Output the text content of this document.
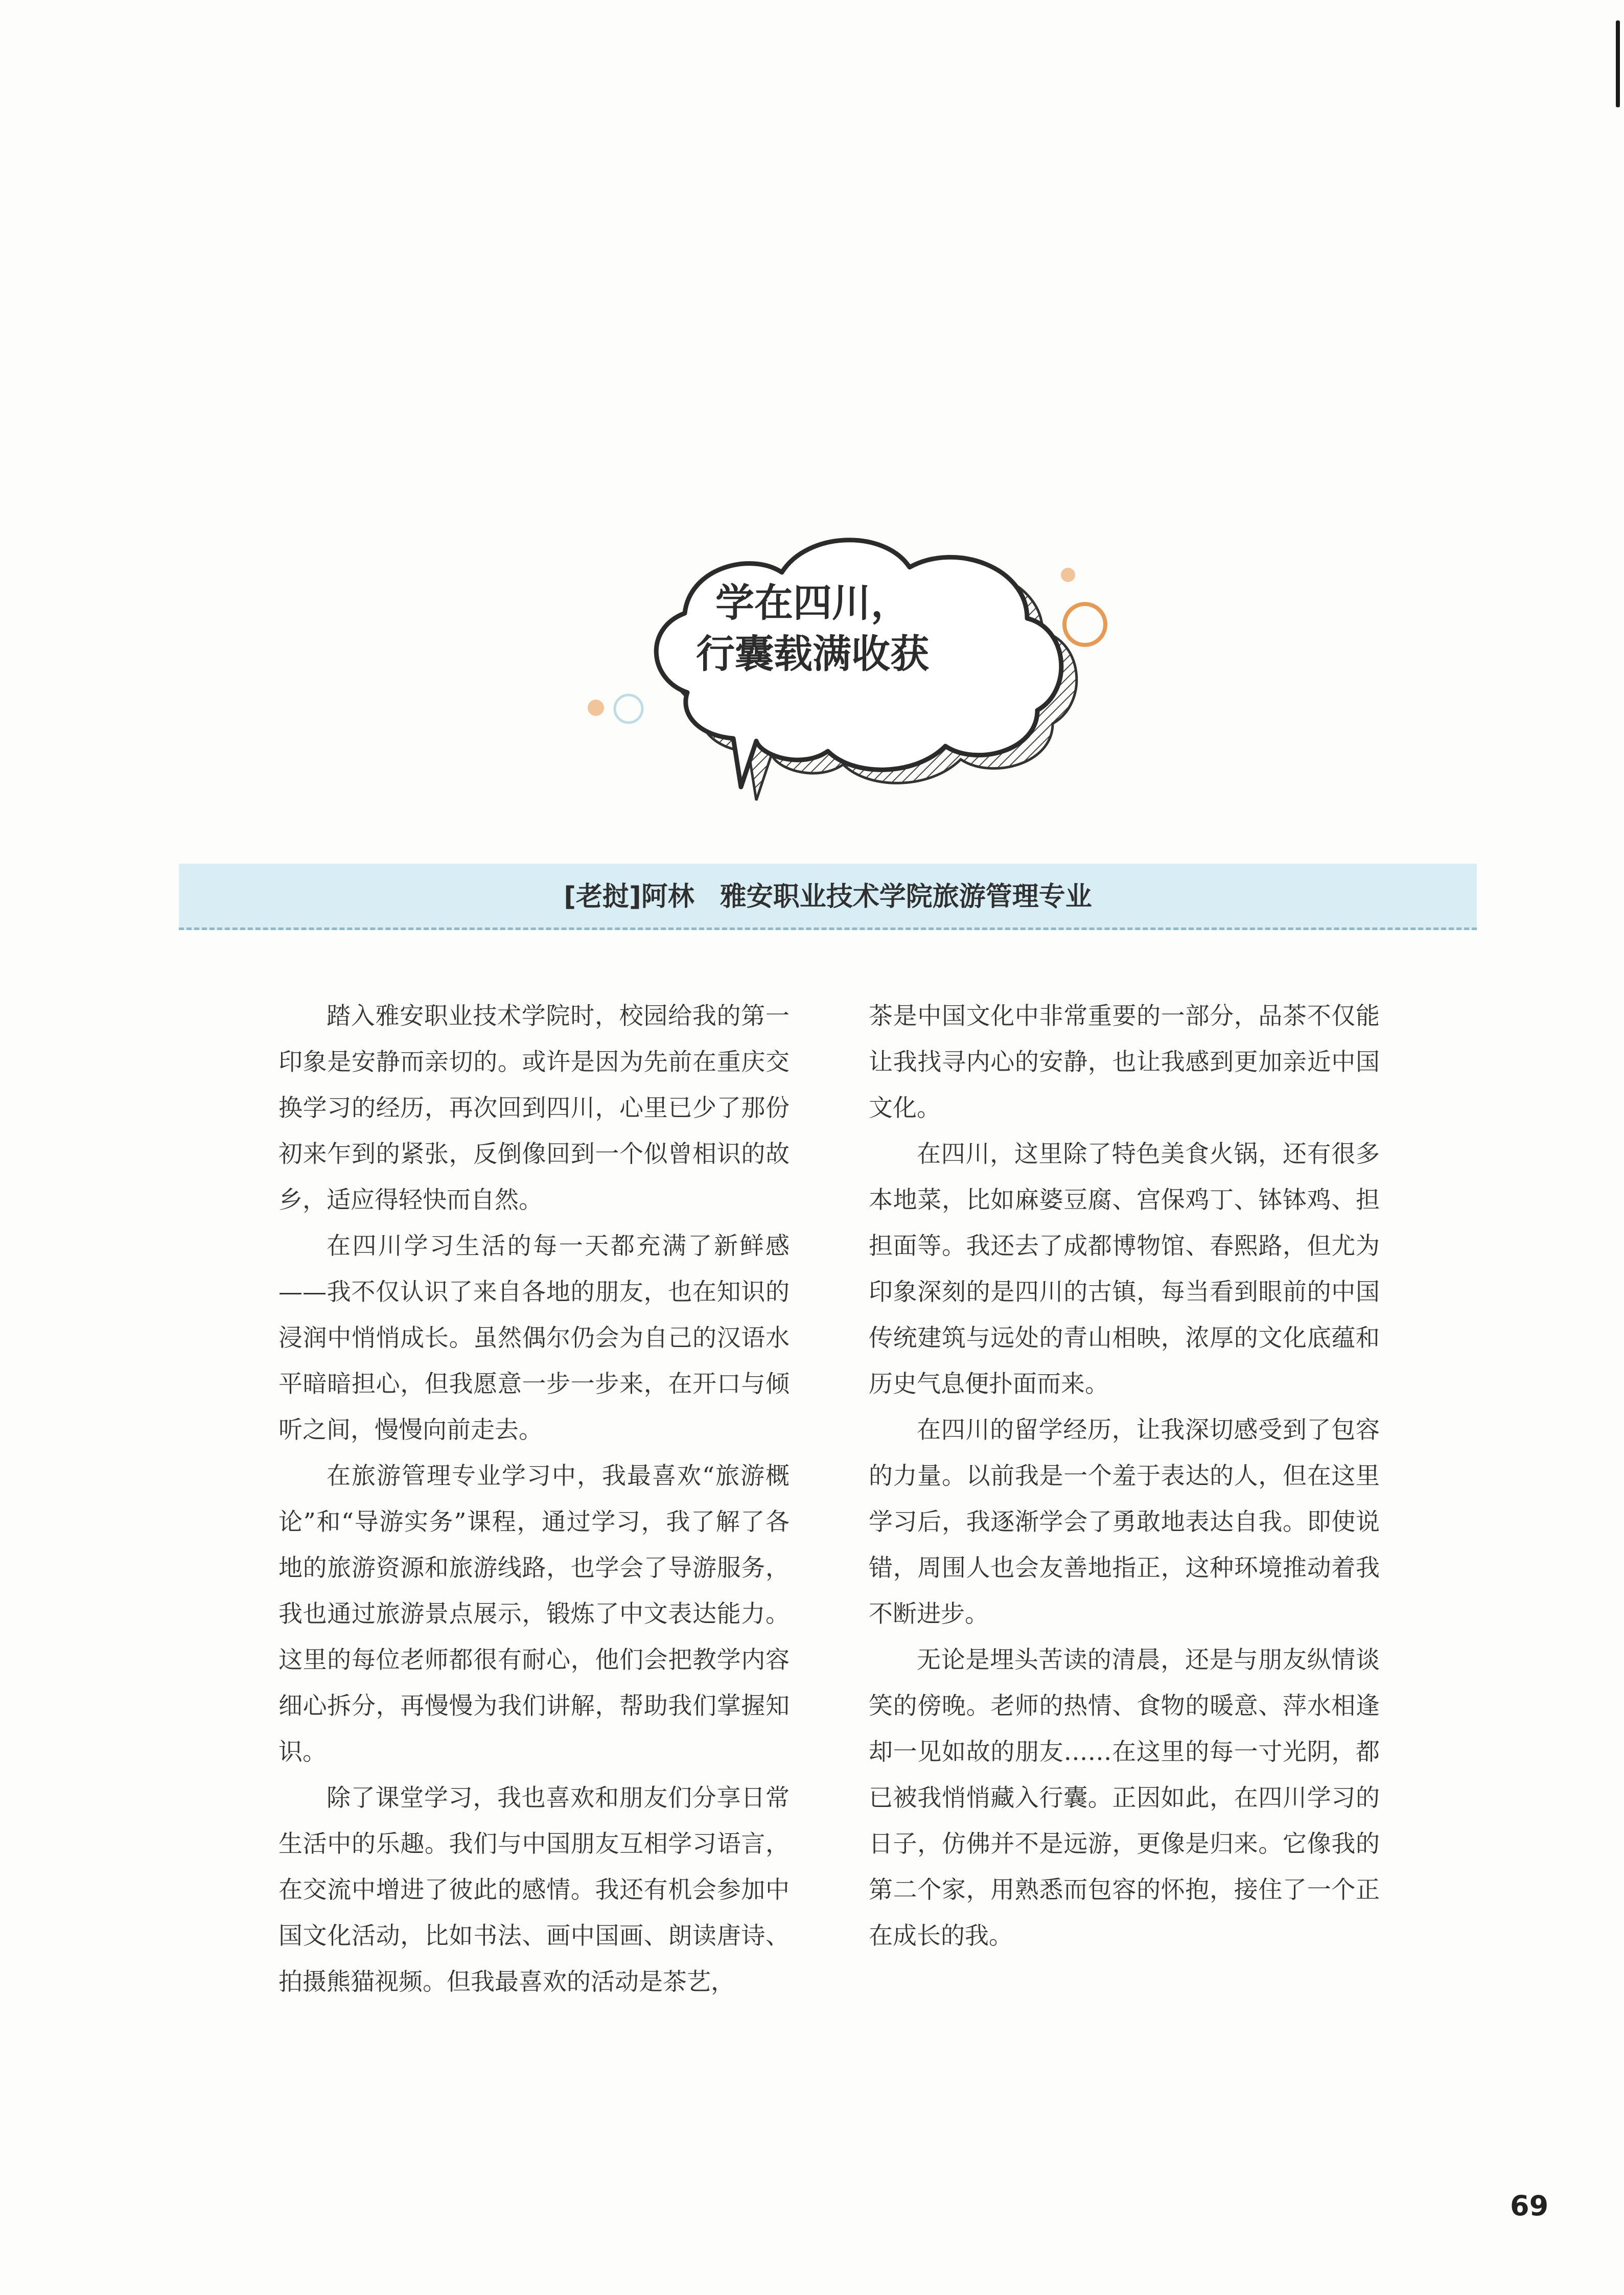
学在四川，
行囊载满收获
[老挝]阿林 雅安职业技术学院旅游管理专业

踏入雅安职业技术学院时，校园给我的第一印象是安静而亲切的。或许是因为先前在重庆交换学习的经历，再次回到四川，心里已少了那份初来乍到的紧张，反倒像回到一个似曾相识的故乡，适应得轻快而自然。

在四川学习生活的每一天都充满了新鲜感——我不仅认识了来自各地的朋友，也在知识的浸润中悄悄成长。虽然偶尔仍会为自己的汉语水平暗暗担心，但我愿意一步一步来，在开口与倾听之间，慢慢向前走去。

在旅游管理专业学习中，我最喜欢“旅游概论”和“导游实务”课程，通过学习，我了解了各地的旅游资源和旅游线路，也学会了导游服务，我也通过旅游景点展示，锻炼了中文表达能力。这里的每位老师都很有耐心，他们会把教学内容细心拆分，再慢慢为我们讲解，帮助我们掌握知识。

除了课堂学习，我也喜欢和朋友们分享日常生活中的乐趣。我们与中国朋友互相学习语言，在交流中增进了彼此的感情。我还有机会参加中国文化活动，比如书法、画中国画、朗读唐诗、拍摄熊猫视频。但我最喜欢的活动是茶艺，

茶是中国文化中非常重要的一部分，品茶不仅能让我找寻内心的安静，也让我感到更加亲近中国文化。

在四川，这里除了特色美食火锅，还有很多本地菜，比如麻婆豆腐、宫保鸡丁、钵钵鸡、担担面等。我还去了成都博物馆、春熙路，但尤为印象深刻的是四川的古镇，每当看到眼前的中国传统建筑与远处的青山相映，浓厚的文化底蕴和历史气息便扑面而来。

在四川的留学经历，让我深切感受到了包容的力量。以前我是一个羞于表达的人，但在这里学习后，我逐渐学会了勇敢地表达自我。即使说错，周围人也会友善地指正，这种环境推动着我不断进步。

无论是埋头苦读的清晨，还是与朋友纵情谈笑的傍晚。老师的热情、食物的暖意、萍水相逢却一见如故的朋友……在这里的每一寸光阴，都已被我悄悄藏入行囊。正因如此，在四川学习的日子，仿佛并不是远游，更像是归来。它像我的第二个家，用熟悉而包容的怀抱，接住了一个正在成长的我。

69
